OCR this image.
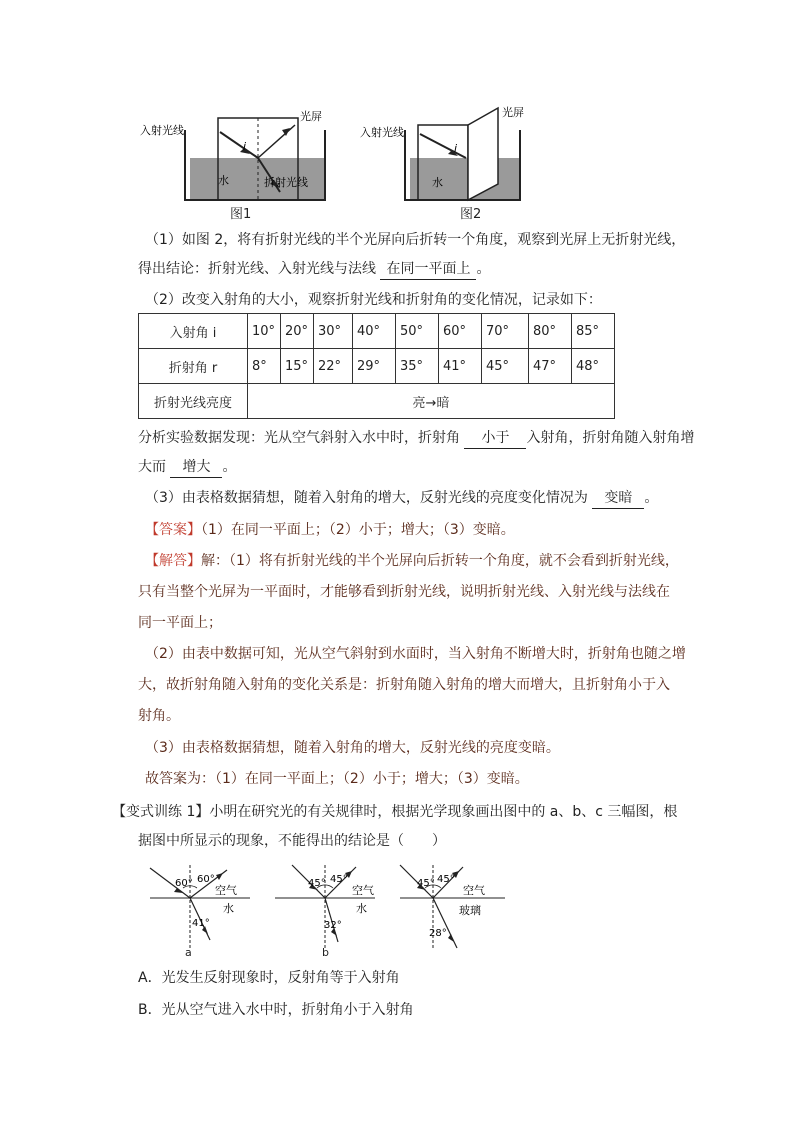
入射光线
光屏
i
水	折射光线
图1
入射光线
光屏
i
水
图2
（1）如图 2，将有折射光线的半个光屏向后折转一个角度，观察到光屏上无折射光线，
得出结论：折射光线、入射光线与法线 在同一平面上 。
（2）改变入射角的大小，观察折射光线和折射角的变化情况，记录如下：
入射角 i	10°	20°	30°	40°	50°	60°	70°	80°	85°
折射角 r	8°	15°	22°	29°	35°	41°	45°	47°	48°
折射光线亮度	亮→暗								
分析实验数据发现：光从空气斜射入水中时，折射角 小于 入射角，折射角随入射角增
大而 增大 。
（3）由表格数据猜想，随着入射角的增大，反射光线的亮度变化情况为 变暗 。
【答案】（1）在同一平面上；（2）小于；增大；（3）变暗。
【解答】解：（1）将有折射光线的半个光屏向后折转一个角度，就不会看到折射光线，
只有当整个光屏为一平面时，才能够看到折射光线，说明折射光线、入射光线与法线在
同一平面上；
（2）由表中数据可知，光从空气斜射到水面时，当入射角不断增大时，折射角也随之增
大，故折射角随入射角的变化关系是：折射角随入射角的增大而增大，且折射角小于入
射角。
（3）由表格数据猜想，随着入射角的增大，反射光线的亮度变暗。
故答案为：（1）在同一平面上；（2）小于；增大；（3）变暗。
【变式训练 1】小明在研究光的有关规律时，根据光学现象画出图中的 a、b、c 三幅图，根
据图中所显示的现象，不能得出的结论是（　　）
60° 60°
41°
空气
水
a
45° 45°
32°
空气
水
b
45° 45°
28°
空气
玻璃
A．光发生反射现象时，反射角等于入射角
B．光从空气进入水中时，折射角小于入射角
